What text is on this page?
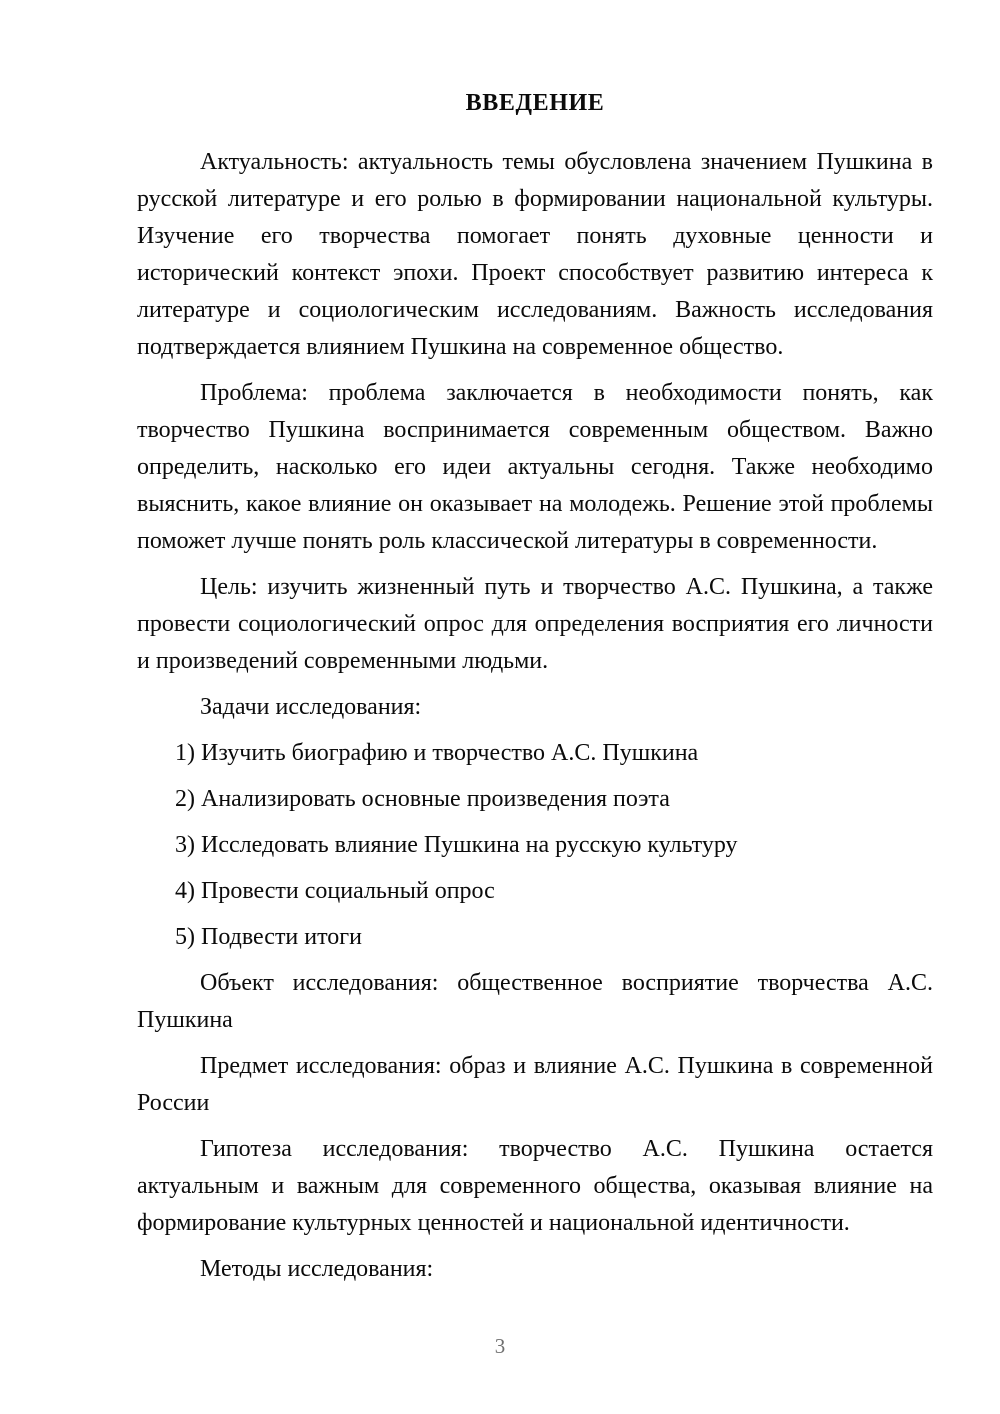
ВВЕДЕНИЕ

Актуальность: актуальность темы обусловлена значением Пушкина в русской литературе и его ролью в формировании национальной культуры. Изучение его творчества помогает понять духовные ценности и исторический контекст эпохи. Проект способствует развитию интереса к литературе и социологическим исследованиям. Важность исследования подтверждается влиянием Пушкина на современное общество.

Проблема: проблема заключается в необходимости понять, как творчество Пушкина воспринимается современным обществом. Важно определить, насколько его идеи актуальны сегодня. Также необходимо выяснить, какое влияние он оказывает на молодежь. Решение этой проблемы поможет лучше понять роль классической литературы в современности.

Цель: изучить жизненный путь и творчество А.С. Пушкина, а также провести социологический опрос для определения восприятия его личности и произведений современными людьми.

Задачи исследования:

1) Изучить биографию и творчество А.С. Пушкина
2) Анализировать основные произведения поэта
3) Исследовать влияние Пушкина на русскую культуру
4) Провести социальный опрос
5) Подвести итоги

Объект исследования: общественное восприятие творчества А.С. Пушкина

Предмет исследования: образ и влияние А.С. Пушкина в современной России

Гипотеза исследования: творчество А.С. Пушкина остается актуальным и важным для современного общества, оказывая влияние на формирование культурных ценностей и национальной идентичности.

Методы исследования:

3
